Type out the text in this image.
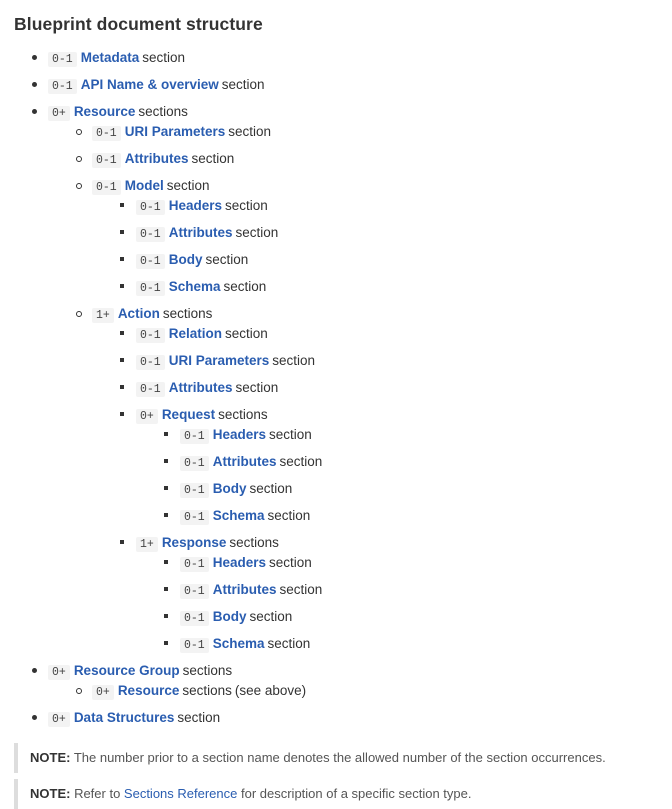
Blueprint document structure
0-1 Metadata section
0-1 API Name & overview section
0+ Resource sections
0-1 URI Parameters section
0-1 Attributes section
0-1 Model section
0-1 Headers section
0-1 Attributes section
0-1 Body section
0-1 Schema section
1+ Action sections
0-1 Relation section
0-1 URI Parameters section
0-1 Attributes section
0+ Request sections
0-1 Headers section
0-1 Attributes section
0-1 Body section
0-1 Schema section
1+ Response sections
0-1 Headers section
0-1 Attributes section
0-1 Body section
0-1 Schema section
0+ Resource Group sections
0+ Resource sections (see above)
0+ Data Structures section
NOTE: The number prior to a section name denotes the allowed number of the section occurrences.
NOTE: Refer to Sections Reference for description of a specific section type.
